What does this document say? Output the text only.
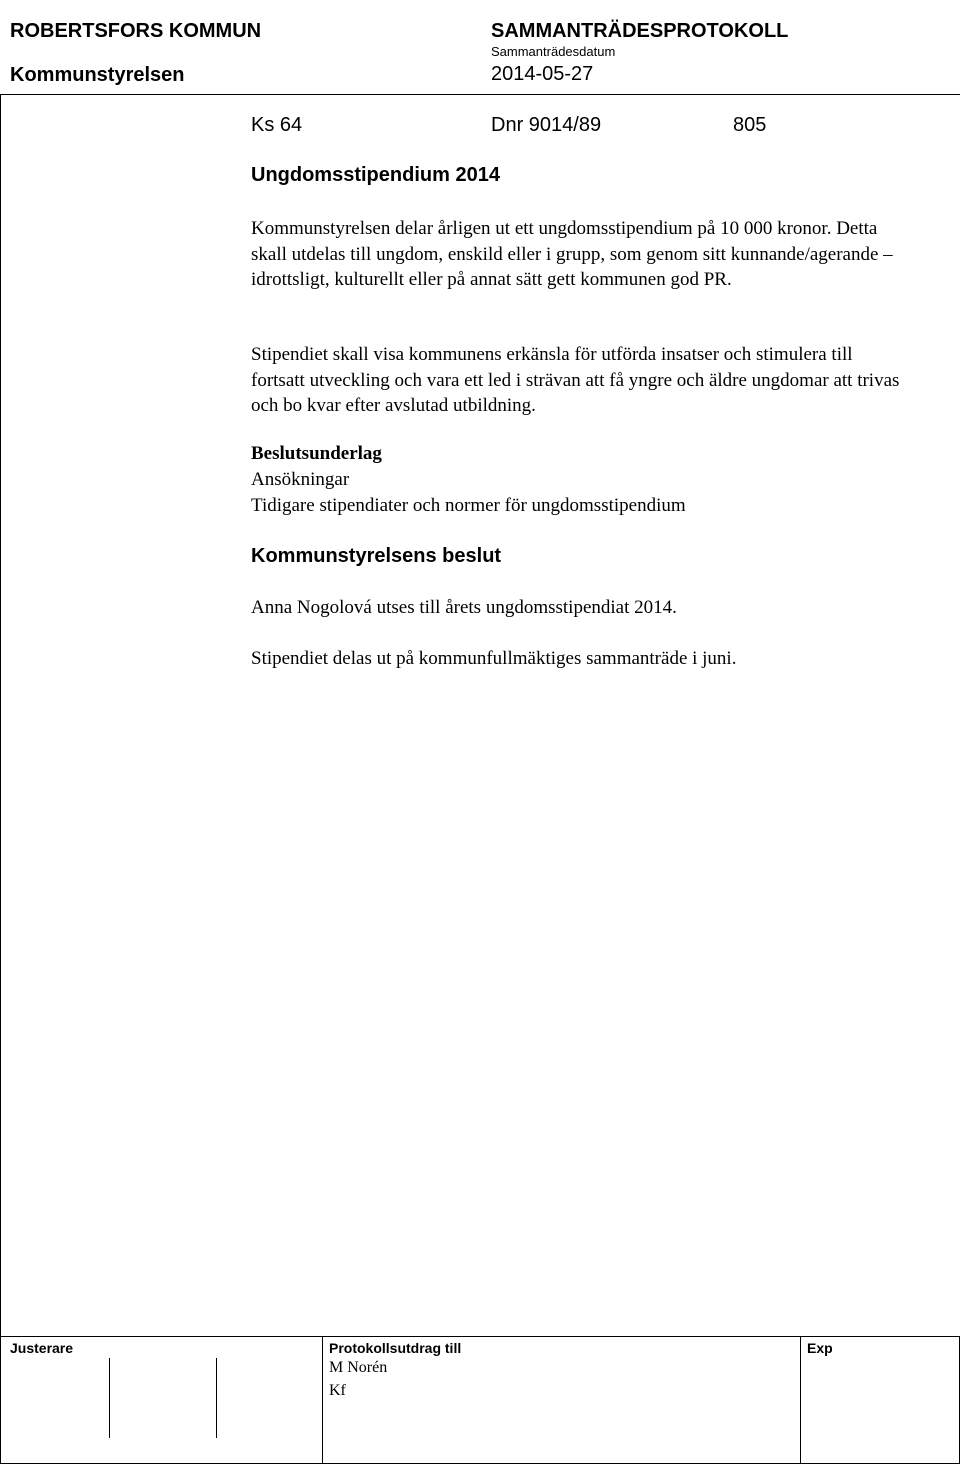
ROBERTSFORS KOMMUN	SAMMANTRÄDESPROTOKOLL
Sammanträdesdatum
Kommunstyrelsen	2014-05-27
Ks 64	Dnr 9014/89	805
Ungdomsstipendium 2014
Kommunstyrelsen delar årligen ut ett ungdomsstipendium på 10 000 kronor. Detta skall utdelas till ungdom, enskild eller i grupp, som genom sitt kunnande/agerande – idrottsligt, kulturellt eller på annat sätt gett kommunen god PR.
Stipendiet skall visa kommunens erkänsla för utförda insatser och stimulera till fortsatt utveckling och vara ett led i strävan att få yngre och äldre ungdomar att trivas och bo kvar efter avslutad utbildning.
Beslutsunderlag
Ansökningar
Tidigare stipendiater och normer för ungdomsstipendium
Kommunstyrelsens beslut
Anna Nogolová utses till årets ungdomsstipendiat 2014.
Stipendiet delas ut på kommunfullmäktiges sammanträde i juni.
Justerare	Protokollsutdrag till	Exp
M Norén
Kf
